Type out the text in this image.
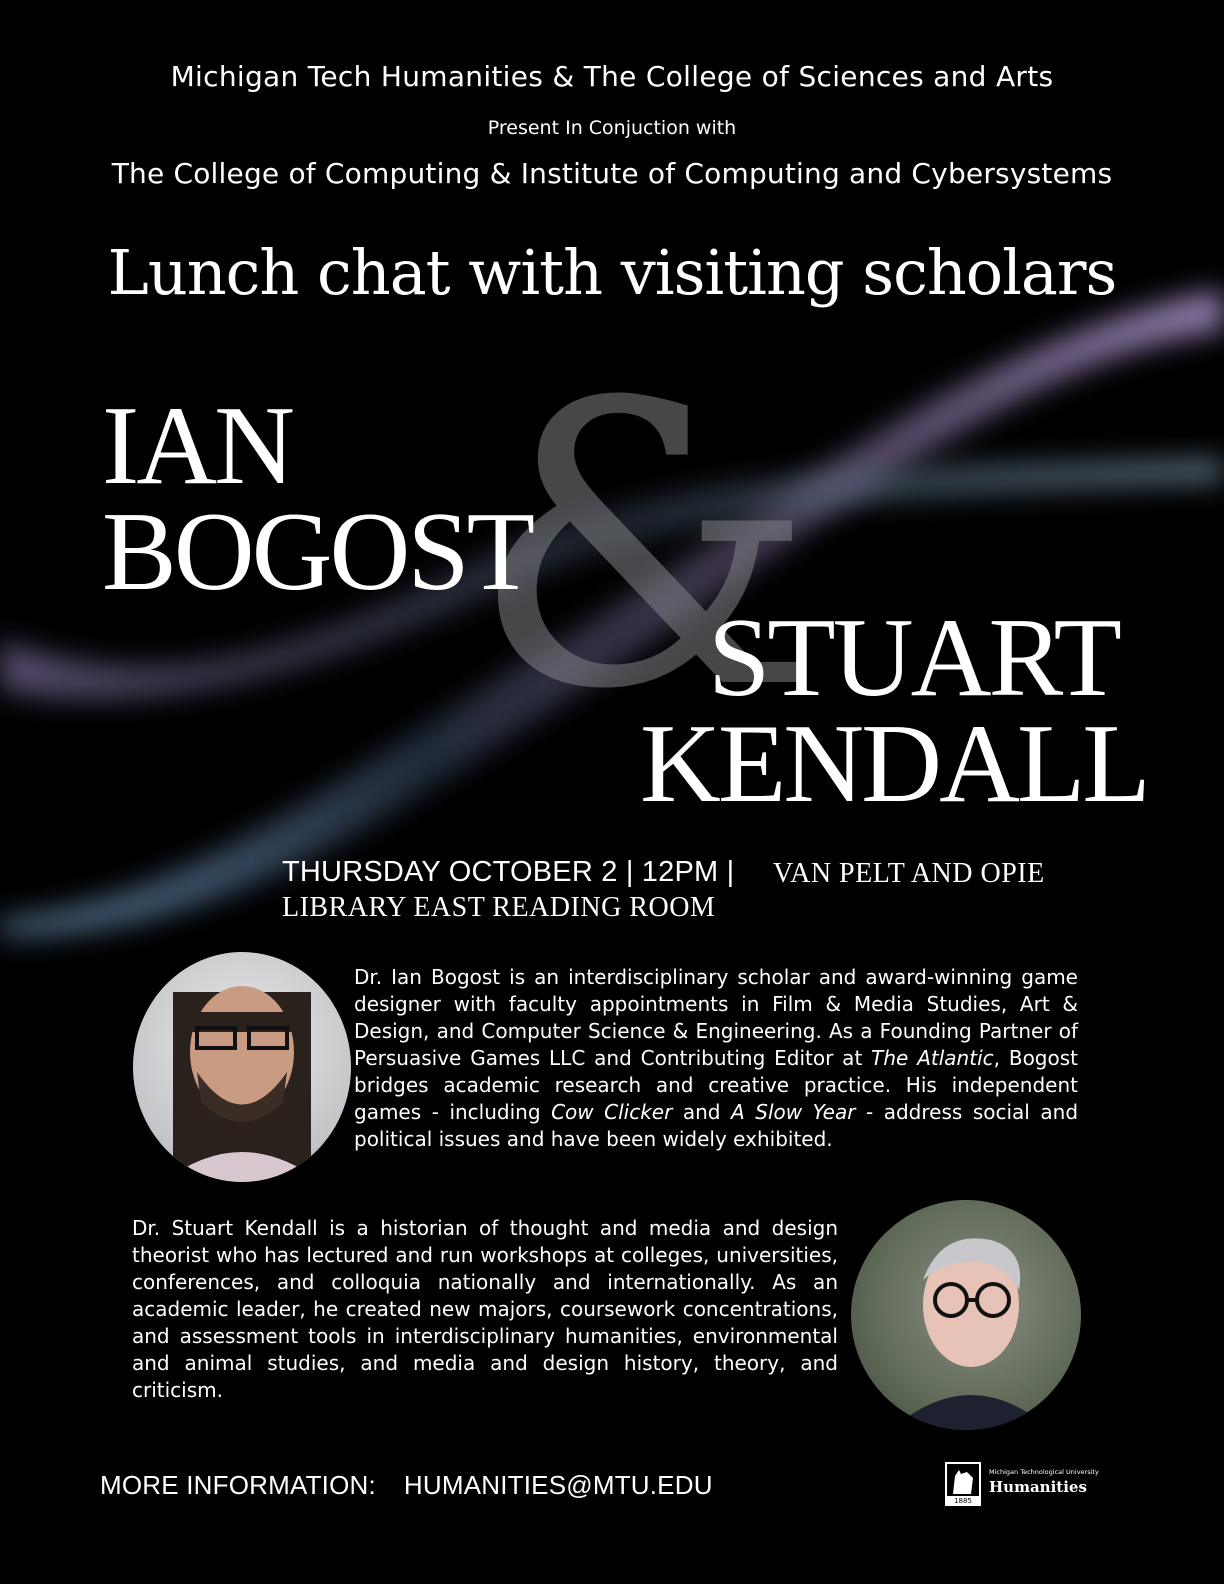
Michigan Tech Humanities & The College of Sciences and Arts
Present In Conjuction with
The College of Computing & Institute of Computing and Cybersystems
Lunch chat with visiting scholars
&
IAN
BOGOST
STUART
KENDALL
THURSDAY OCTOBER 2 | 12PM | VAN PELT AND OPIE
LIBRARY EAST READING ROOM
Dr. Ian Bogost is an interdisciplinary scholar and award-winning game designer with faculty appointments in Film & Media Studies, Art & Design, and Computer Science & Engineering. As a Founding Partner of Persuasive Games LLC and Contributing Editor at The Atlantic, Bogost bridges academic research and creative practice. His independent games - including Cow Clicker and A Slow Year - address social and political issues and have been widely exhibited.
Dr. Stuart Kendall is a historian of thought and media and design theorist who has lectured and run workshops at colleges, universities, conferences, and colloquia nationally and internationally. As an academic leader, he created new majors, coursework concentrations, and assessment tools in interdisciplinary humanities, environmental and animal studies, and media and design history, theory, and criticism.
MORE INFORMATION: HUMANITIES@MTU.EDU
1885
Michigan Technological University
Humanities
